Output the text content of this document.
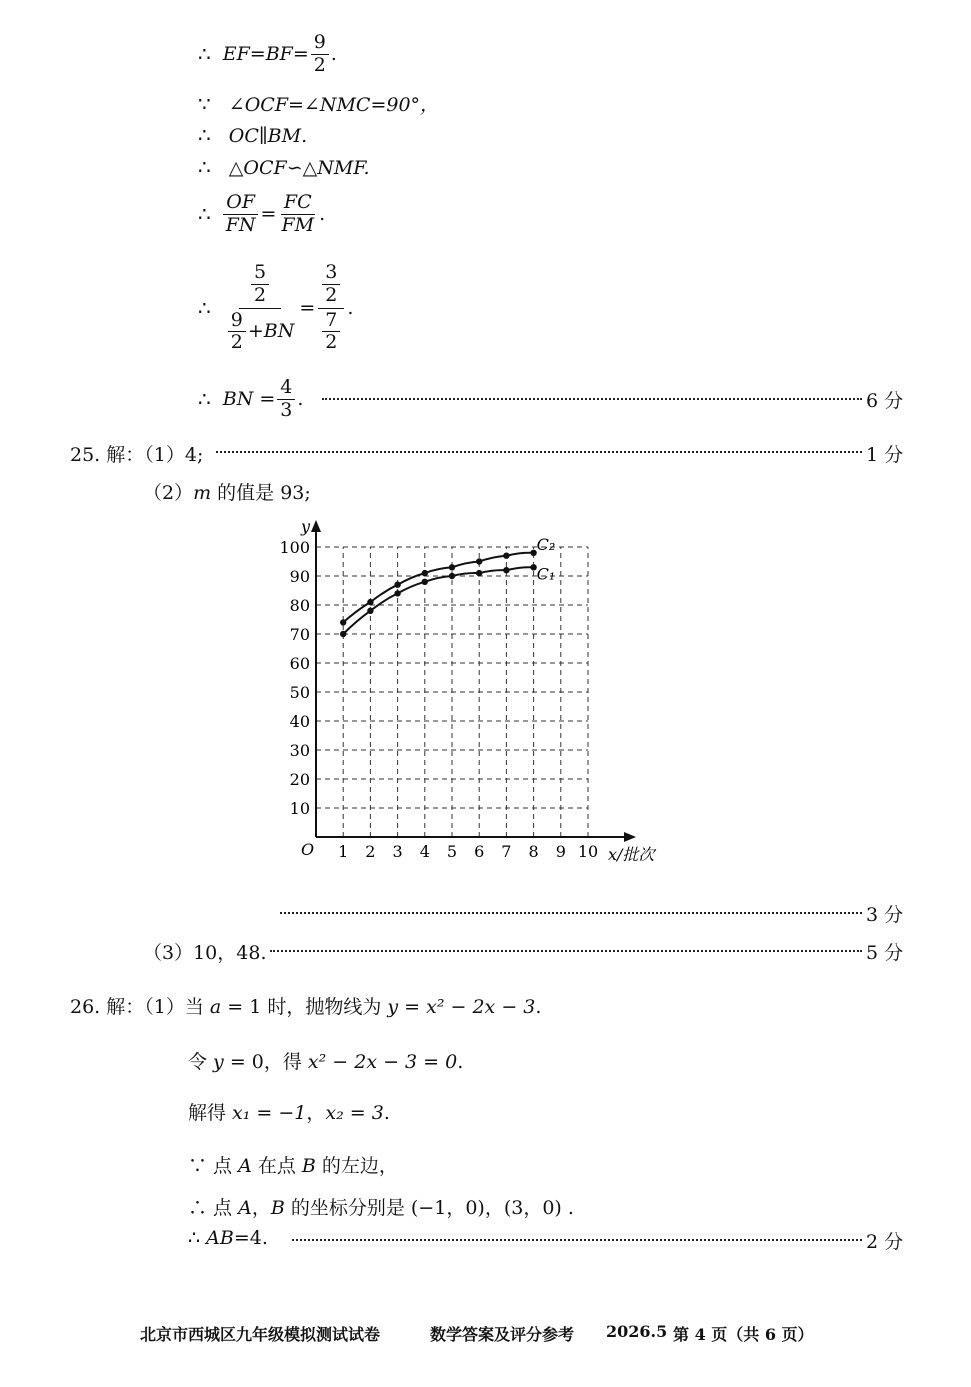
∴ $EF=BF= \frac{9}{2}$ .
∵ ∠OCF=∠NMC=90°，
∴ OC∥BM.
∴ △OCF∽△NMF.
∴ $\frac{OF}{FN} = \frac{FC}{FM}$ .
∴ $\frac{\frac{5}{2}}{\frac{9}{2} +BN} = \frac{\frac{3}{2}}{\frac{7}{2}}$ .
∴ BN = $\frac{4}{3}$ .	6 分
25. 解：（1）4;	1 分
（2）m 的值是 93;
y
x/批次
O 1 2 3 4 5 6 7 8 9 10
10
20
30
40
50
60
70
80
90
100	C₂
C₁
3 分
（3）10，48.	5 分
26. 解：（1）当 a = 1 时，抛物线为 y = x² − 2x − 3.
令 y = 0，得 x² − 2x − 3 = 0.
解得 x₁ = −1，x₂ = 3.
∵ 点 A 在点 B 的左边，
∴ 点 A，B 的坐标分别是 (−1，0)，(3，0) .
∴ AB=4.	2 分
北京市西城区九年级模拟测试试卷	数学答案及评分参考 2026.5 第 4 页（共 6 页）
